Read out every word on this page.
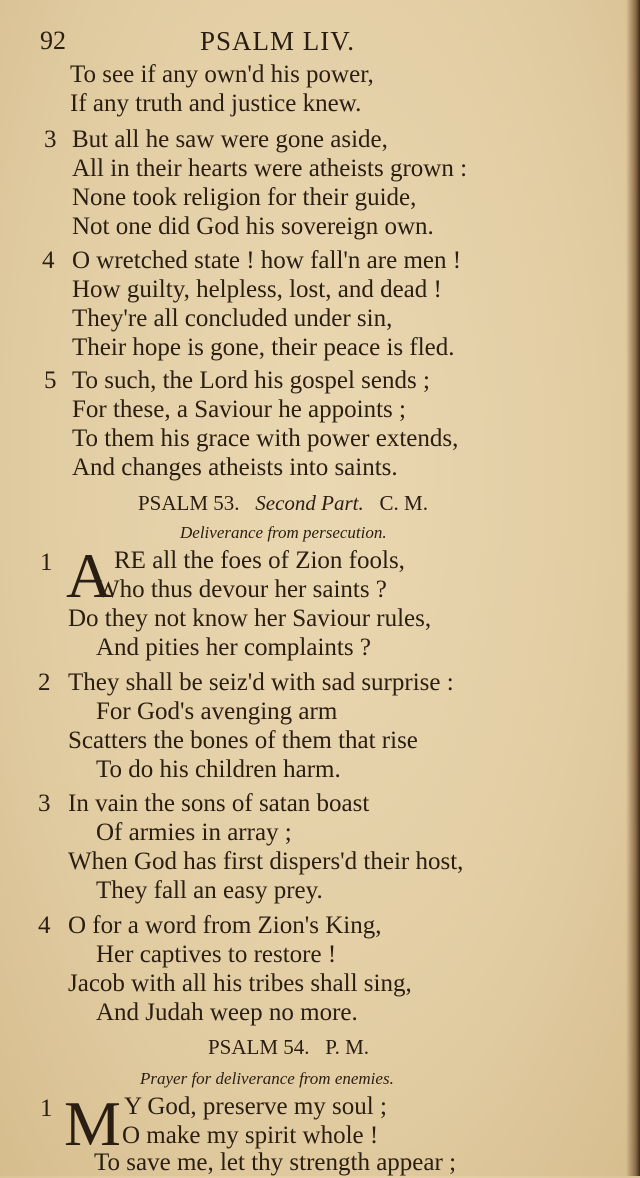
92	PSALM LIV.
To see if any own'd his power,
If any truth and justice knew.
3 But all he saw were gone aside,
All in their hearts were atheists grown :
None took religion for their guide,
Not one did God his sovereign own.
4 O wretched state ! how fall'n are men !
How guilty, helpless, lost, and dead !
They're all concluded under sin,
Their hope is gone, their peace is fled.
5 To such, the Lord his gospel sends ;
For these, a Saviour he appoints ;
To them his grace with power extends,
And changes atheists into saints.
PSALM 53. Second Part. C. M.
Deliverance from persecution.
1 A RE all the foes of Zion fools,
Who thus devour her saints ?
Do they not know her Saviour rules,
And pities her complaints ?
2 They shall be seiz'd with sad surprise :
For God's avenging arm
Scatters the bones of them that rise
To do his children harm.
3 In vain the sons of satan boast
Of armies in array ;
When God has first dispers'd their host,
They fall an easy prey.
4 O for a word from Zion's King,
Her captives to restore !
Jacob with all his tribes shall sing,
And Judah weep no more.
PSALM 54. P. M.
Prayer for deliverance from enemies.
1 M Y God, preserve my soul ;
O make my spirit whole !
To save me, let thy strength appear ;
